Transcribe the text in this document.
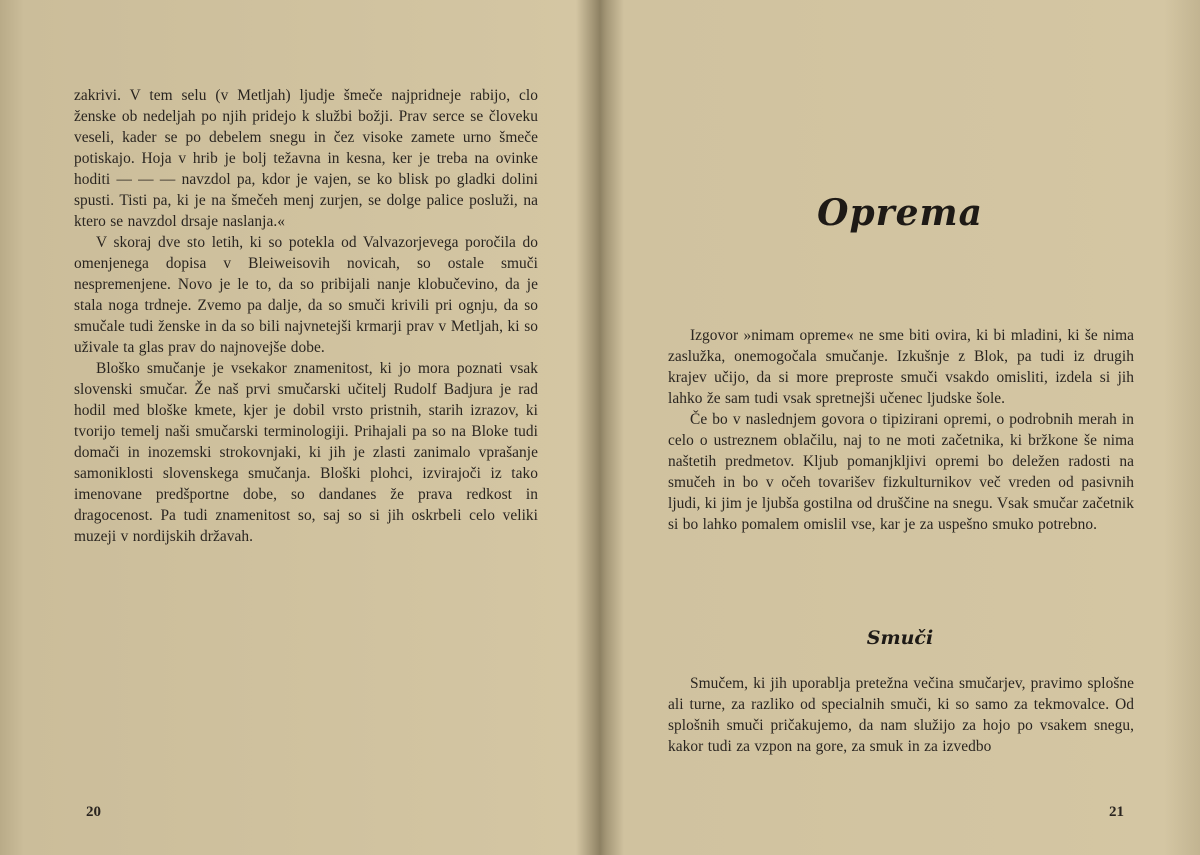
zakrivi. V tem selu (v Metljah) ljudje šmeče najpridneje rabijo, clo ženske ob nedeljah po njih pridejo k službi božji. Prav serce se človeku veseli, kader se po debelem snegu in čez visoke zamete urno šmeče potiskajo. Hoja v hrib je bolj težavna in kesna, ker je treba na ovinke hoditi — — — navzdol pa, kdor je vajen, se ko blisk po gladki dolini spusti. Tisti pa, ki je na šmečeh menj zurjen, se dolge palice posluži, na ktero se navzdol drsaje naslanja.«

V skoraj dve sto letih, ki so potekla od Valvazorjevega poročila do omenjenega dopisa v Bleiweisovih novicah, so ostale smuči nespremenjene. Novo je le to, da so pribijali nanje klobučevino, da je stala noga trdneje. Zvemo pa dalje, da so smuči krivili pri ognju, da so smučale tudi ženske in da so bili najvnetejši krmarji prav v Metljah, ki so uživale ta glas prav do najnovejše dobe.

Bloško smučanje je vsekakor znamenitost, ki jo mora poznati vsak slovenski smučar. Že naš prvi smučarski učitelj Rudolf Badjura je rad hodil med bloške kmete, kjer je dobil vrsto pristnih, starih izrazov, ki tvorijo temelj naši smučarski terminologiji. Prihajali pa so na Bloke tudi domači in inozemski strokovnjaki, ki jih je zlasti zanimalo vprašanje samoniklosti slovenskega smučanja. Bloški plohci, izvirajoči iz tako imenovane predšportne dobe, so dandanes že prava redkost in dragocenost. Pa tudi znamenitost so, saj so si jih oskrbeli celo veliki muzeji v nordijskih državah.

20
Oprema

Izgovor »nimam opreme« ne sme biti ovira, ki bi mladini, ki še nima zaslužka, onemogočala smučanje. Izkušnje z Blok, pa tudi iz drugih krajev učijo, da si more preproste smuči vsakdo omisliti, izdela si jih lahko že sam tudi vsak spretnejši učenec ljudske šole.

Če bo v naslednjem govora o tipizirani opremi, o podrobnih merah in celo o ustreznem oblačilu, naj to ne moti začetnika, ki bržkone še nima naštetih predmetov. Kljub pomanjkljivi opremi bo deležen radosti na smučeh in bo v očeh tovarišev fizkulturnikov več vreden od pasivnih ljudi, ki jim je ljubša gostilna od druščine na snegu. Vsak smučar začetnik si bo lahko pomalem omislil vse, kar je za uspešno smuko potrebno.

Smuči

Smučem, ki jih uporablja pretežna večina smučarjev, pravimo splošne ali turne, za razliko od specialnih smuči, ki so samo za tekmovalce. Od splošnih smuči pričakujemo, da nam služijo za hojo po vsakem snegu, kakor tudi za vzpon na gore, za smuk in za izvedbo

21
